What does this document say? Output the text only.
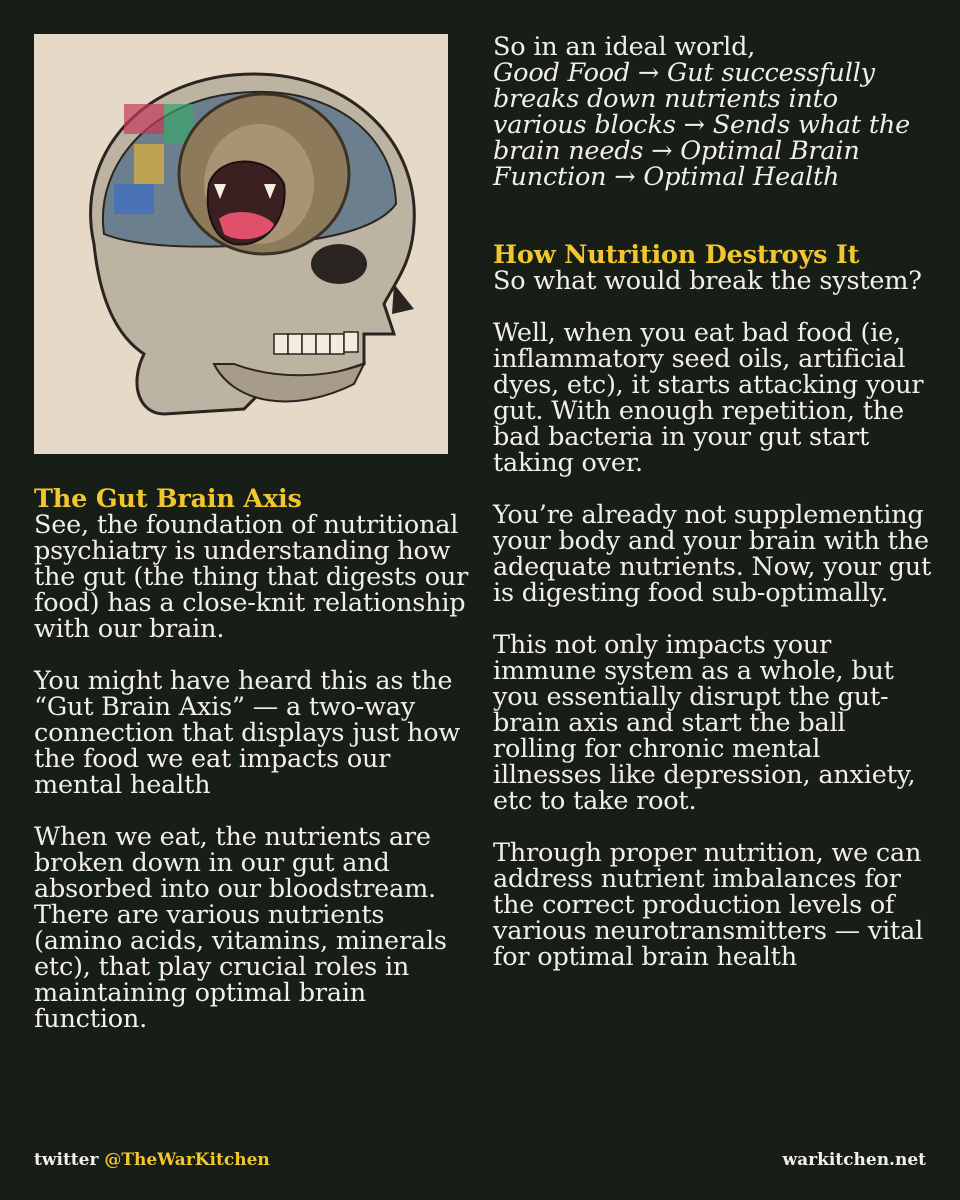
So in an ideal world,

Good Food → Gut successfully breaks down nutrients into various blocks → Sends what the brain needs → Optimal Brain Function → Optimal Health

How Nutrition Destroys It

So what would break the system?

Well, when you eat bad food (ie, inflammatory seed oils, artificial dyes, etc), it starts attacking your gut. With enough repetition, the bad bacteria in your gut start taking over.

You’re already not supplementing your body and your brain with the adequate nutrients. Now, your gut is digesting food sub-optimally.

This not only impacts your immune system as a whole, but you essentially disrupt the gut-brain axis and start the ball rolling for chronic mental illnesses like depression, anxiety, etc to take root.

Through proper nutrition, we can address nutrient imbalances for the correct production levels of various neurotransmitters — vital for optimal brain health

The Gut Brain Axis

See, the foundation of nutritional psychiatry is understanding how the gut (the thing that digests our food) has a close-knit relationship with our brain.

You might have heard this as the “Gut Brain Axis” — a two-way connection that displays just how the food we eat impacts our mental health

When we eat, the nutrients are broken down in our gut and absorbed into our bloodstream. There are various nutrients (amino acids, vitamins, minerals etc), that play crucial roles in maintaining optimal brain function.

twitter @TheWarKitchen	warkitchen.net
